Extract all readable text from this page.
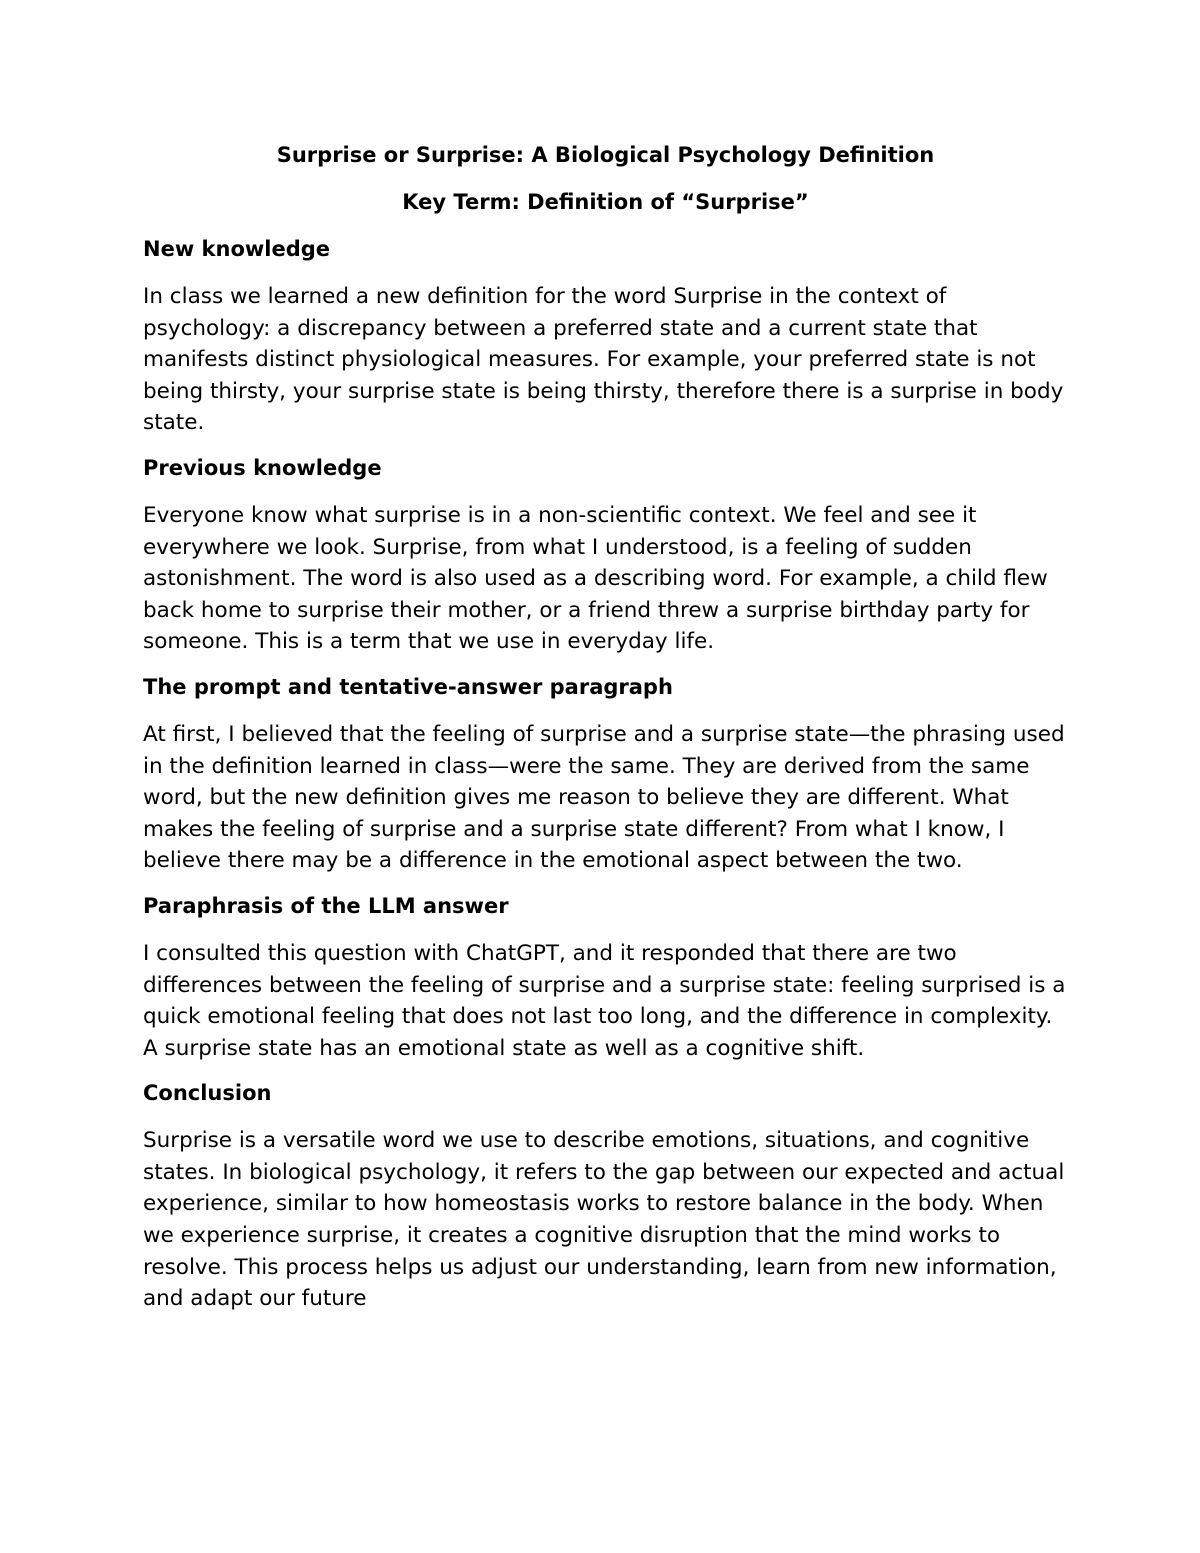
Surprise or Surprise: A Biological Psychology Definition
Key Term: Definition of “Surprise”
New knowledge
In class we learned a new definition for the word Surprise in the context of psychology: a discrepancy between a preferred state and a current state that manifests distinct physiological measures. For example, your preferred state is not being thirsty, your surprise state is being thirsty, therefore there is a surprise in body state.
Previous knowledge
Everyone know what surprise is in a non-scientific context. We feel and see it everywhere we look. Surprise, from what I understood, is a feeling of sudden astonishment. The word is also used as a describing word. For example, a child flew back home to surprise their mother, or a friend threw a surprise birthday party for someone. This is a term that we use in everyday life.
The prompt and tentative-answer paragraph
At first, I believed that the feeling of surprise and a surprise state—the phrasing used in the definition learned in class—were the same. They are derived from the same word, but the new definition gives me reason to believe they are different. What makes the feeling of surprise and a surprise state different? From what I know, I believe there may be a difference in the emotional aspect between the two.
Paraphrasis of the LLM answer
I consulted this question with ChatGPT, and it responded that there are two differences between the feeling of surprise and a surprise state: feeling surprised is a quick emotional feeling that does not last too long, and the difference in complexity. A surprise state has an emotional state as well as a cognitive shift.
Conclusion
Surprise is a versatile word we use to describe emotions, situations, and cognitive states. In biological psychology, it refers to the gap between our expected and actual experience, similar to how homeostasis works to restore balance in the body. When we experience surprise, it creates a cognitive disruption that the mind works to resolve. This process helps us adjust our understanding, learn from new information, and adapt our future
